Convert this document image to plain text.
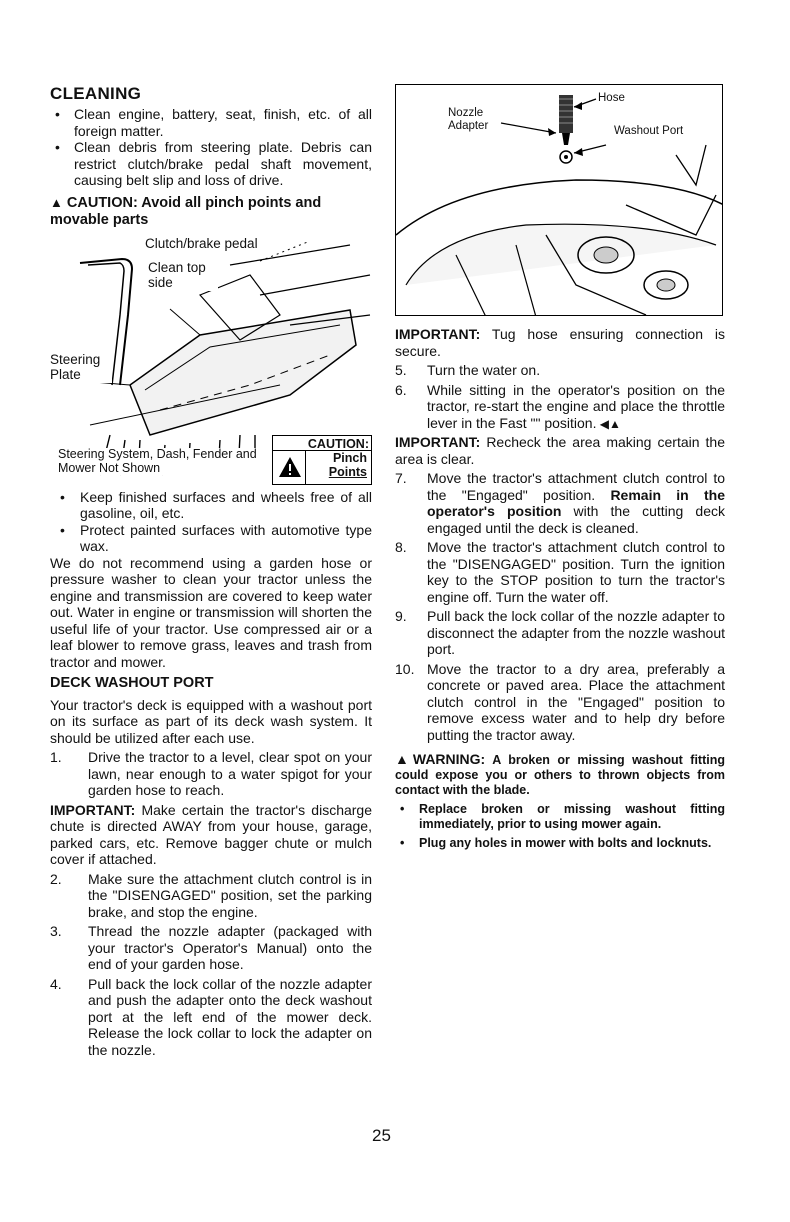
CLEANING
• Clean engine, battery, seat, finish, etc. of all foreign matter.
• Clean debris from steering plate. Debris can restrict clutch/brake pedal shaft movement, causing belt slip and loss of drive.
▲ CAUTION: Avoid all pinch points and movable parts
Clutch/brake pedal
Clean top side
Steering Plate
Steering System, Dash, Fender and Mower Not Shown
CAUTION:
Pinch
Points
• Keep finished surfaces and wheels free of all gasoline, oil, etc.
• Protect painted surfaces with automotive type wax.

We do not recommend using a garden hose or pressure washer to clean your tractor unless the engine and transmission are covered to keep water out. Water in engine or transmission will shorten the useful life of your tractor. Use compressed air or a leaf blower to remove grass, leaves and trash from tractor and mower.

DECK WASHOUT PORT

Your tractor's deck is equipped with a washout port on its surface as part of its deck wash system. It should be utilized after each use.

1. Drive the tractor to a level, clear spot on your lawn, near enough to a water spigot for your garden hose to reach.

IMPORTANT: Make certain the tractor's discharge chute is directed AWAY from your house, garage, parked cars, etc. Remove bagger chute or mulch cover if attached.

2. Make sure the attachment clutch control is in the "DISENGAGED" position, set the parking brake, and stop the engine.
3. Thread the nozzle adapter (packaged with your tractor's Operator's Manual) onto the end of your garden hose.
4. Pull back the lock collar of the nozzle adapter and push the adapter onto the deck washout port at the left end of the mower deck. Release the lock collar to lock the adapter on the nozzle.
Nozzle Adapter
Hose
Washout Port

IMPORTANT: Tug hose ensuring connection is secure.

5. Turn the water on.
6. While sitting in the operator's position on the tractor, re-start the engine and place the throttle lever in the Fast "" position. ◀▲

IMPORTANT: Recheck the area making certain the area is clear.

7. Move the tractor's attachment clutch control to the "Engaged" position. Remain in the operator's position with the cutting deck engaged until the deck is cleaned.
8. Move the tractor's attachment clutch control to the "DISENGAGED" position. Turn the ignition key to the STOP position to turn the tractor's engine off. Turn the water off.
9. Pull back the lock collar of the nozzle adapter to disconnect the adapter from the nozzle washout port.
10. Move the tractor to a dry area, preferably a concrete or paved area. Place the attachment clutch control in the "Engaged" position to remove excess water and to help dry before putting the tractor away.
▲WARNING: A broken or missing washout fitting could expose you or others to thrown objects from contact with the blade.
• Replace broken or missing washout fitting immediately, prior to using mower again.
• Plug any holes in mower with bolts and locknuts.
25
